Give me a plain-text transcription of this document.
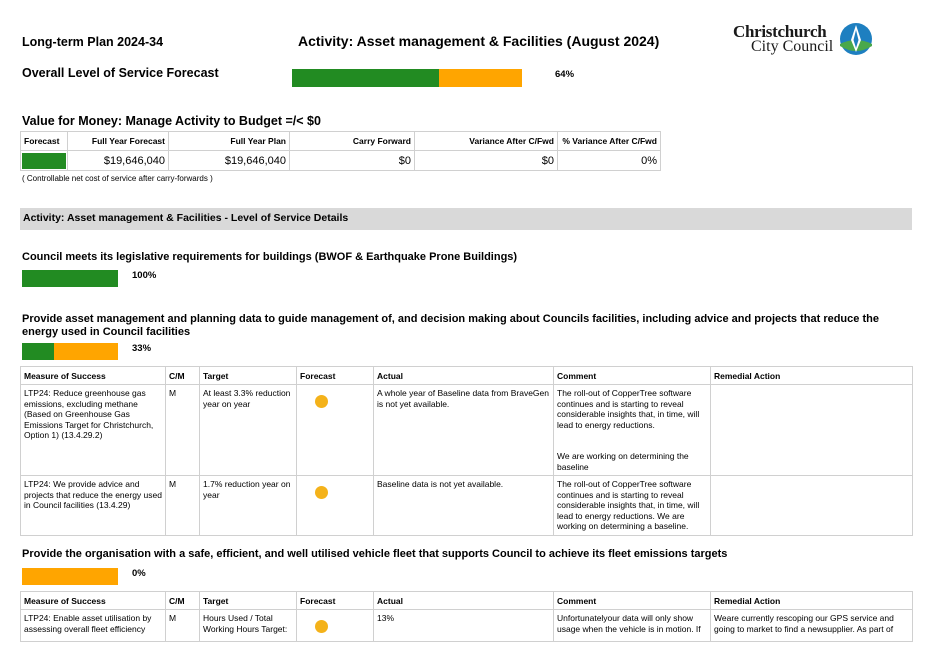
Long-term Plan 2024-34	Activity: Asset management & Facilities (August 2024)	Christchurch
City Council
Overall Level of Service Forecast	64%
Value for Money: Manage Activity to Budget =/< $0
Forecast	Full Year Forecast	Full Year Plan	Carry Forward	Variance After C/Fwd	% Variance After C/Fwd

	$19,646,040	$19,646,040	$0	$0	0%
( Controllable net cost of service after carry-forwards )
Activity: Asset management & Facilities - Level of Service Details
Council meets its legislative requirements for buildings (BWOF & Earthquake Prone Buildings)
100%
Provide asset management and planning data to guide management of, and decision making about Councils facilities, including advice and projects that reduce the energy used in Council facilities
33%
Measure of Success	C/M	Target	Forecast	Actual	Comment	Remedial Action
LTP24: Reduce greenhouse gas emissions, excluding methane (Based on Greenhouse Gas Emissions Target for Christchurch, Option 1) (13.4.29.2)	M	At least 3.3% reduction year on year		A whole year of Baseline data from BraveGen is not yet available.	The roll-out of CopperTree software continues and is starting to reveal considerable insights that, in time, will lead to energy reductions.
We are working on determining the baseline	

LTP24: We provide advice and projects that reduce the energy used in Council facilities (13.4.29)	M	1.7% reduction year on year		Baseline data is not yet available.	The roll-out of CopperTree software continues and is starting to reveal considerable insights that, in time, will lead to energy reductions. We are working on determining a baseline.	
Provide the organisation with a safe, efficient, and well utilised vehicle fleet that supports Council to achieve its fleet emissions targets
0%
Measure of Success	C/M	Target	Forecast	Actual	Comment	Remedial Action
LTP24: Enable asset utilisation by assessing overall fleet efficiency	M	Hours Used / Total Working Hours Target:		13%	Unfortunatelyour data will only show usage when the vehicle is in motion. If	Weare currently rescoping our GPS service and going to market to find a newsupplier. As part of
